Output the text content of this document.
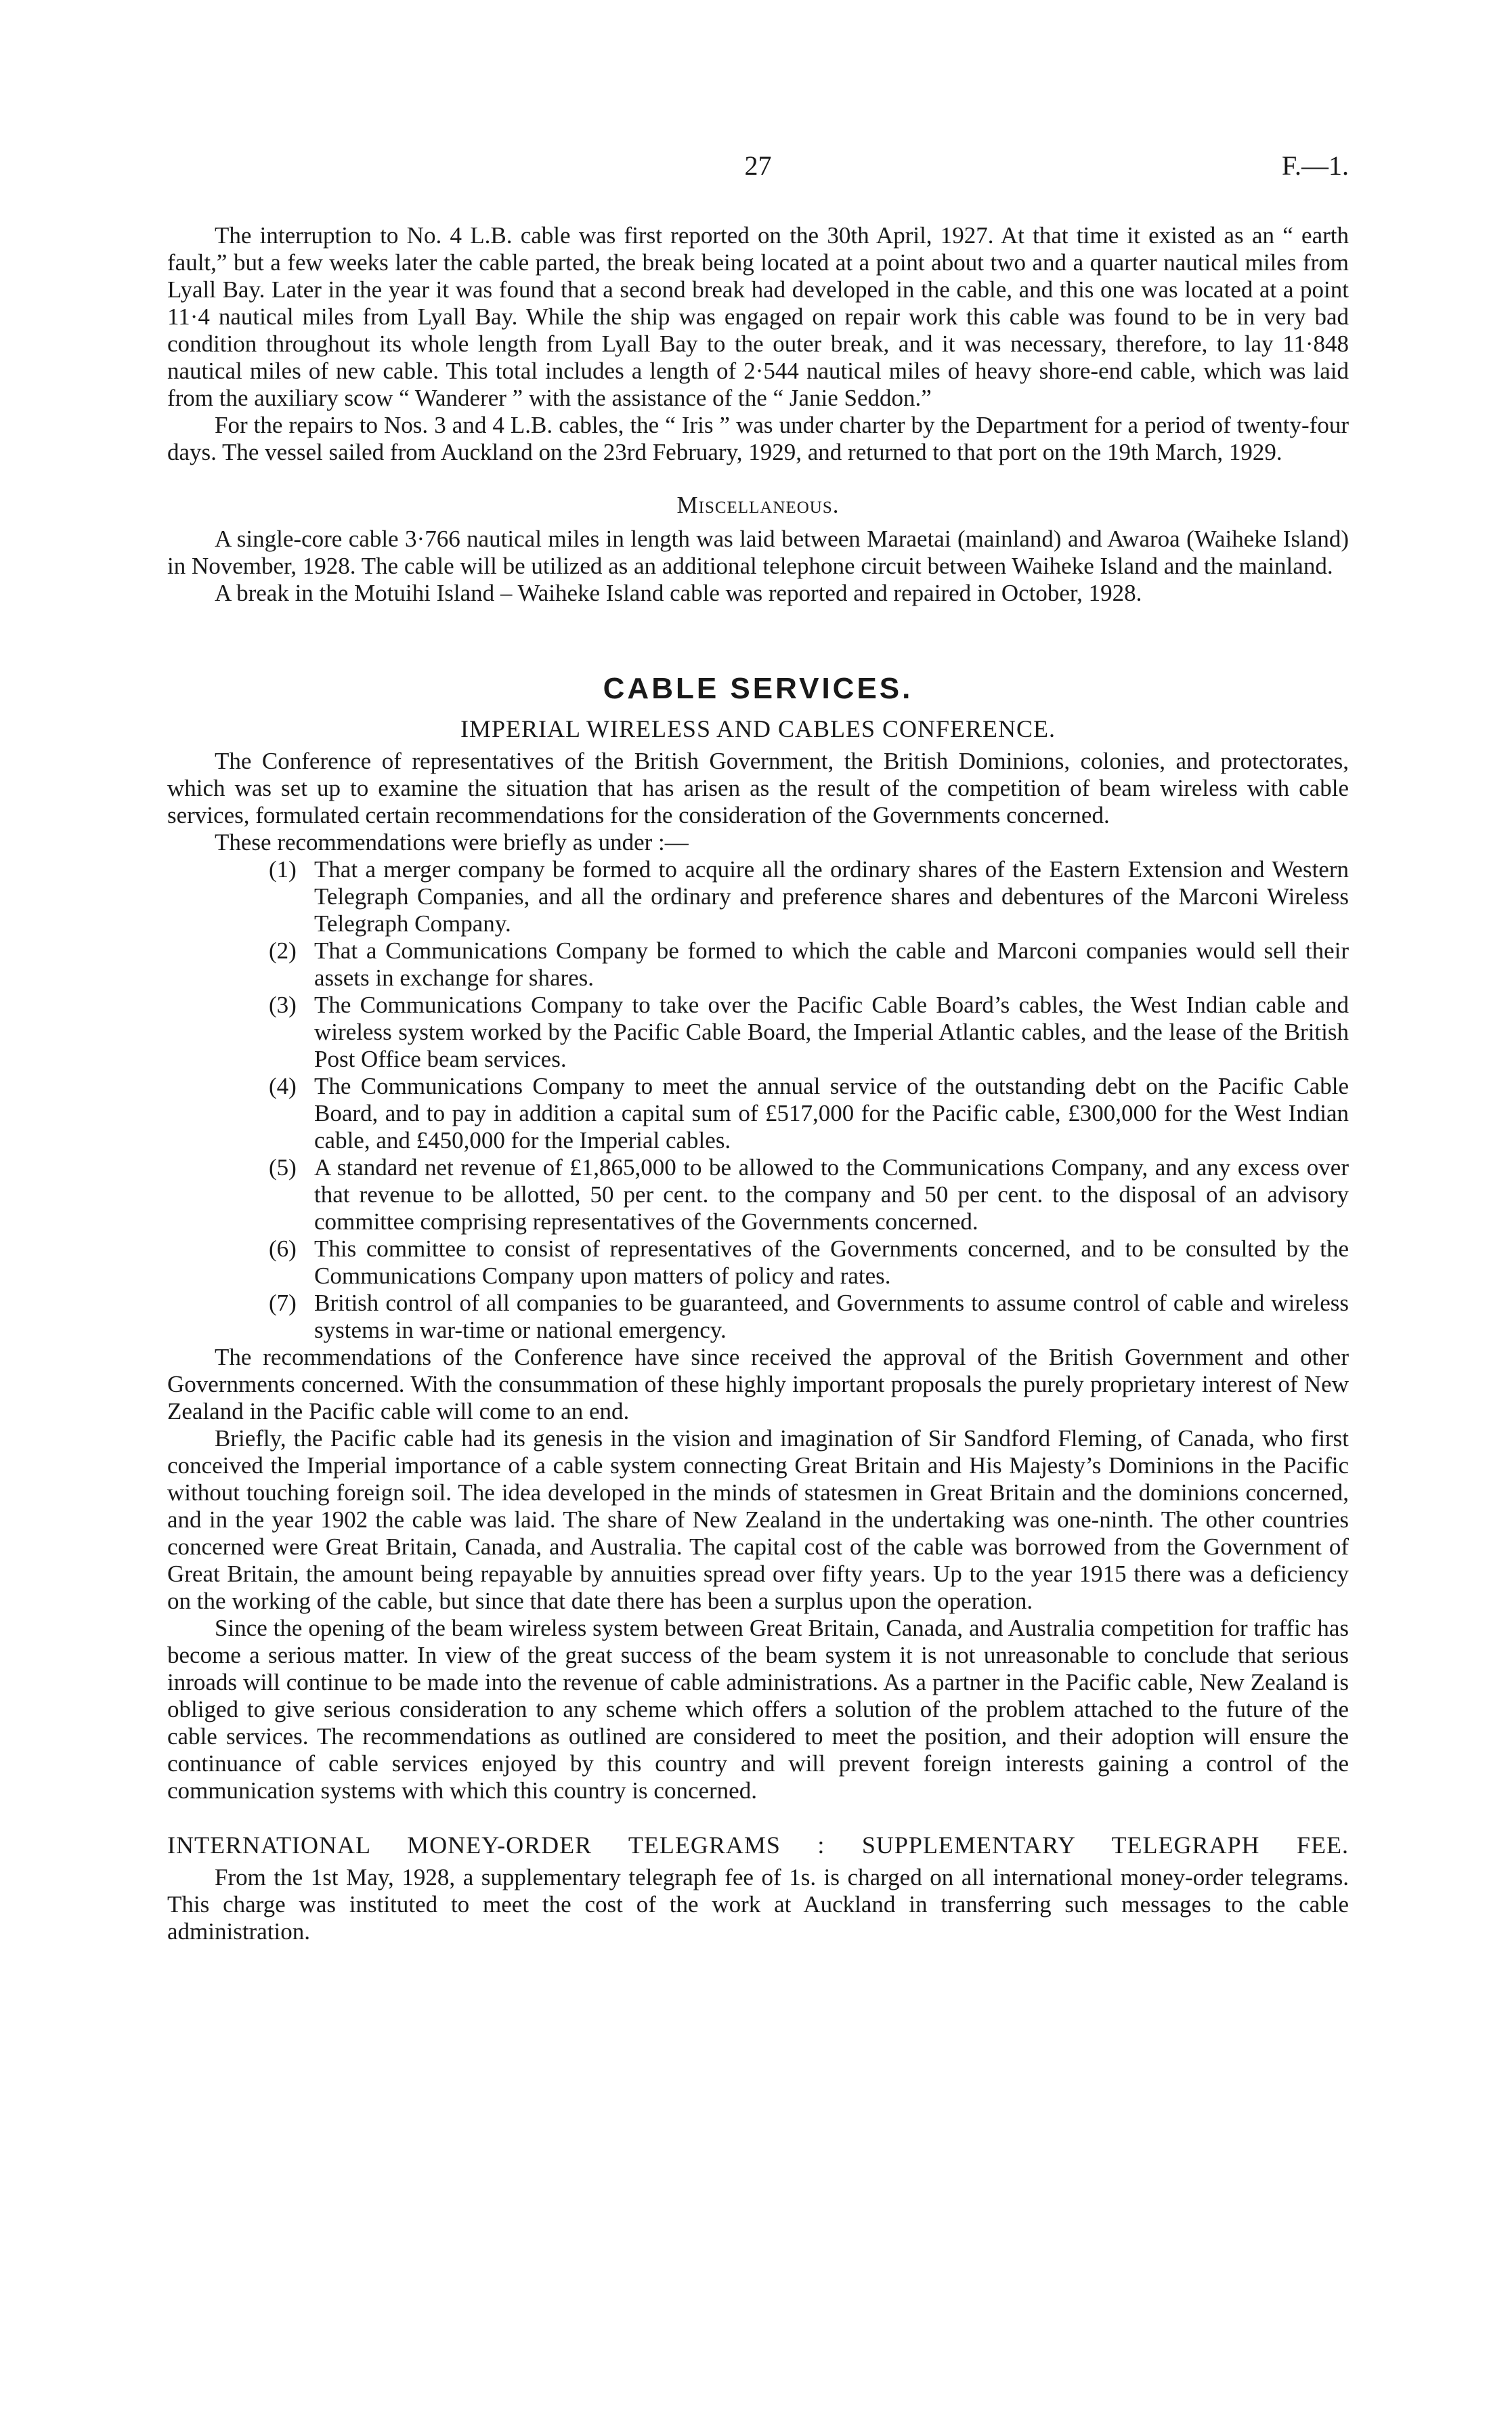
27	F.—1.

The interruption to No. 4 L.B. cable was first reported on the 30th April, 1927. At that time it existed as an “ earth fault,” but a few weeks later the cable parted, the break being located at a point about two and a quarter nautical miles from Lyall Bay. Later in the year it was found that a second break had developed in the cable, and this one was located at a point 11·4 nautical miles from Lyall Bay. While the ship was engaged on repair work this cable was found to be in very bad condition throughout its whole length from Lyall Bay to the outer break, and it was necessary, therefore, to lay 11·848 nautical miles of new cable. This total includes a length of 2·544 nautical miles of heavy shore-end cable, which was laid from the auxiliary scow “ Wanderer ” with the assistance of the “ Janie Seddon.”

For the repairs to Nos. 3 and 4 L.B. cables, the “ Iris ” was under charter by the Department for a period of twenty-four days. The vessel sailed from Auckland on the 23rd February, 1929, and returned to that port on the 19th March, 1929.

Miscellaneous.

A single-core cable 3·766 nautical miles in length was laid between Maraetai (mainland) and Awaroa (Waiheke Island) in November, 1928. The cable will be utilized as an additional telephone circuit between Waiheke Island and the mainland.

A break in the Motuihi Island – Waiheke Island cable was reported and repaired in October, 1928.

CABLE SERVICES.
IMPERIAL WIRELESS AND CABLES CONFERENCE.

The Conference of representatives of the British Government, the British Dominions, colonies, and protectorates, which was set up to examine the situation that has arisen as the result of the competition of beam wireless with cable services, formulated certain recommendations for the consideration of the Governments concerned.

These recommendations were briefly as under :—

(1) That a merger company be formed to acquire all the ordinary shares of the Eastern Extension and Western Telegraph Companies, and all the ordinary and preference shares and debentures of the Marconi Wireless Telegraph Company.
(2) That a Communications Company be formed to which the cable and Marconi companies would sell their assets in exchange for shares.
(3) The Communications Company to take over the Pacific Cable Board’s cables, the West Indian cable and wireless system worked by the Pacific Cable Board, the Imperial Atlantic cables, and the lease of the British Post Office beam services.
(4) The Communications Company to meet the annual service of the outstanding debt on the Pacific Cable Board, and to pay in addition a capital sum of £517,000 for the Pacific cable, £300,000 for the West Indian cable, and £450,000 for the Imperial cables.
(5) A standard net revenue of £1,865,000 to be allowed to the Communications Company, and any excess over that revenue to be allotted, 50 per cent. to the company and 50 per cent. to the disposal of an advisory committee comprising representatives of the Governments concerned.
(6) This committee to consist of representatives of the Governments concerned, and to be consulted by the Communications Company upon matters of policy and rates.
(7) British control of all companies to be guaranteed, and Governments to assume control of cable and wireless systems in war-time or national emergency.

The recommendations of the Conference have since received the approval of the British Government and other Governments concerned. With the consummation of these highly important proposals the purely proprietary interest of New Zealand in the Pacific cable will come to an end.

Briefly, the Pacific cable had its genesis in the vision and imagination of Sir Sandford Fleming, of Canada, who first conceived the Imperial importance of a cable system connecting Great Britain and His Majesty’s Dominions in the Pacific without touching foreign soil. The idea developed in the minds of statesmen in Great Britain and the dominions concerned, and in the year 1902 the cable was laid. The share of New Zealand in the undertaking was one-ninth. The other countries concerned were Great Britain, Canada, and Australia. The capital cost of the cable was borrowed from the Government of Great Britain, the amount being repayable by annuities spread over fifty years. Up to the year 1915 there was a deficiency on the working of the cable, but since that date there has been a surplus upon the operation.

Since the opening of the beam wireless system between Great Britain, Canada, and Australia competition for traffic has become a serious matter. In view of the great success of the beam system it is not unreasonable to conclude that serious inroads will continue to be made into the revenue of cable administrations. As a partner in the Pacific cable, New Zealand is obliged to give serious consideration to any scheme which offers a solution of the problem attached to the future of the cable services. The recommendations as outlined are considered to meet the position, and their adoption will ensure the continuance of cable services enjoyed by this country and will prevent foreign interests gaining a control of the communication systems with which this country is concerned.

INTERNATIONAL MONEY-ORDER TELEGRAMS : SUPPLEMENTARY TELEGRAPH FEE.

From the 1st May, 1928, a supplementary telegraph fee of 1s. is charged on all international money-order telegrams. This charge was instituted to meet the cost of the work at Auckland in transferring such messages to the cable administration.
